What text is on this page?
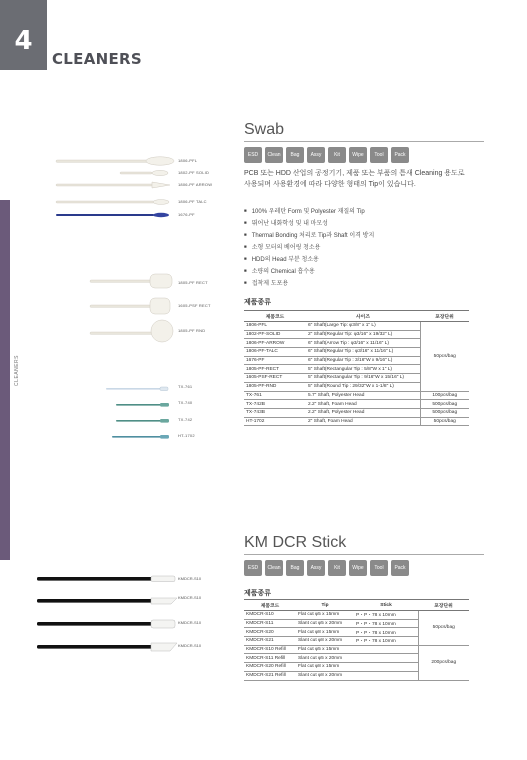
4
CLEANERS
CLEANERS
Swab
ESD	Clean	Bag	Assy	Kit	Wipe	Tool	Pack
PCB 또는 HDD 산업의 공정기기, 제품 또는 부품의 틈새 Cleaning 용도로 사용되며 사용환경에 따라 다양한 형태의 Tip이 있습니다.
■ 100% 우레탄 Form 및 Polyester 재질의 Tip
■ 뛰어난 내화학성 및 내 마모성
■ Thermal Bonding 처리로 Tip과 Shaft 이격 방지
■ 소형 모터의 베어링 청소용
■ HDD의 Head 부분 청소용
■ 소량의 Chemical 흡수용
■ 접착제 도포용
제품종류
제품코드	사이즈	포장단위
1806-PFL	6" Shaft(Large Tip: φ3/8" x 1" L)	50pcs/bag
1802-PF-SOLID	2" Shaft(Regular Tip: φ3/16" x 19/32" L)	
1806-PF-ARROW	6" Shaft(Arrow Tip : φ3/16" x 11/16" L)	
1806-PF-TALC	6" Shaft(Regular Tip : φ3/16" x 11/16" L)	
1676-PF	6" Shaft(Regular Tip : 3/16"W x 9/16" L)	
1805-PF-RECT	5" Shaft(Rectangular Tip : 5/8"W x 1" L)	
1605-PSF-RECT	5" Shaft(Rectangular Tip : 9/16"W x 15/16" L)	
1805-PF-RND	5" Shaft(Round Tip : 29/32"W x 1-1/8" L)	
TX-761	5.7" Shaft, Polyester Head	100pcs/bag
TX-742B	2.2" Shaft, Foam Head	500pcs/bag
TX-743B	2.2" Shaft, Polyester Head	500pcs/bag
HT-1702	2" Shaft, Foam Head	50pcs/bag
1806-PFL
1802-PF SOLID
1806-PF ARROW
1806-PF TALC
1676-PF
1805-PF RECT
1605-PSF RECT
1805-PF RND
TX-761
TX-740
TX-742
HT-1702
KM DCR Stick
ESD	Clean	Bag	Assy	Kit	Wipe	Tool	Pack
제품종류
제품코드	Tip	Stick	포장단위
KMDCR-S10	Flat cut φ5 x 15mm	P・P・78 x 10mm	50pcs/bag
KMDCR-S11	Slant cut φ5 x 20mm	P・P・78 x 10mm	
KMDCR-S20	Flat cut φ8 x 15mm	P・P・78 x 10mm	
KMDCR-S21	Slant cut φ8 x 20mm	P・P・78 x 10mm	
KMDCR-S10 Refill	Flat cut φ5 x 15mm		200pcs/bag
KMDCR-S11 Refill	Slant cut φ5 x 20mm		
KMDCR-S20 Refill	Flat cut φ8 x 15mm		
KMDCR-S21 Refill	Slant cut φ8 x 20mm		
KMDCR-S10
KMDCR-S10
KMDCR-S10
KMDCR-S10
